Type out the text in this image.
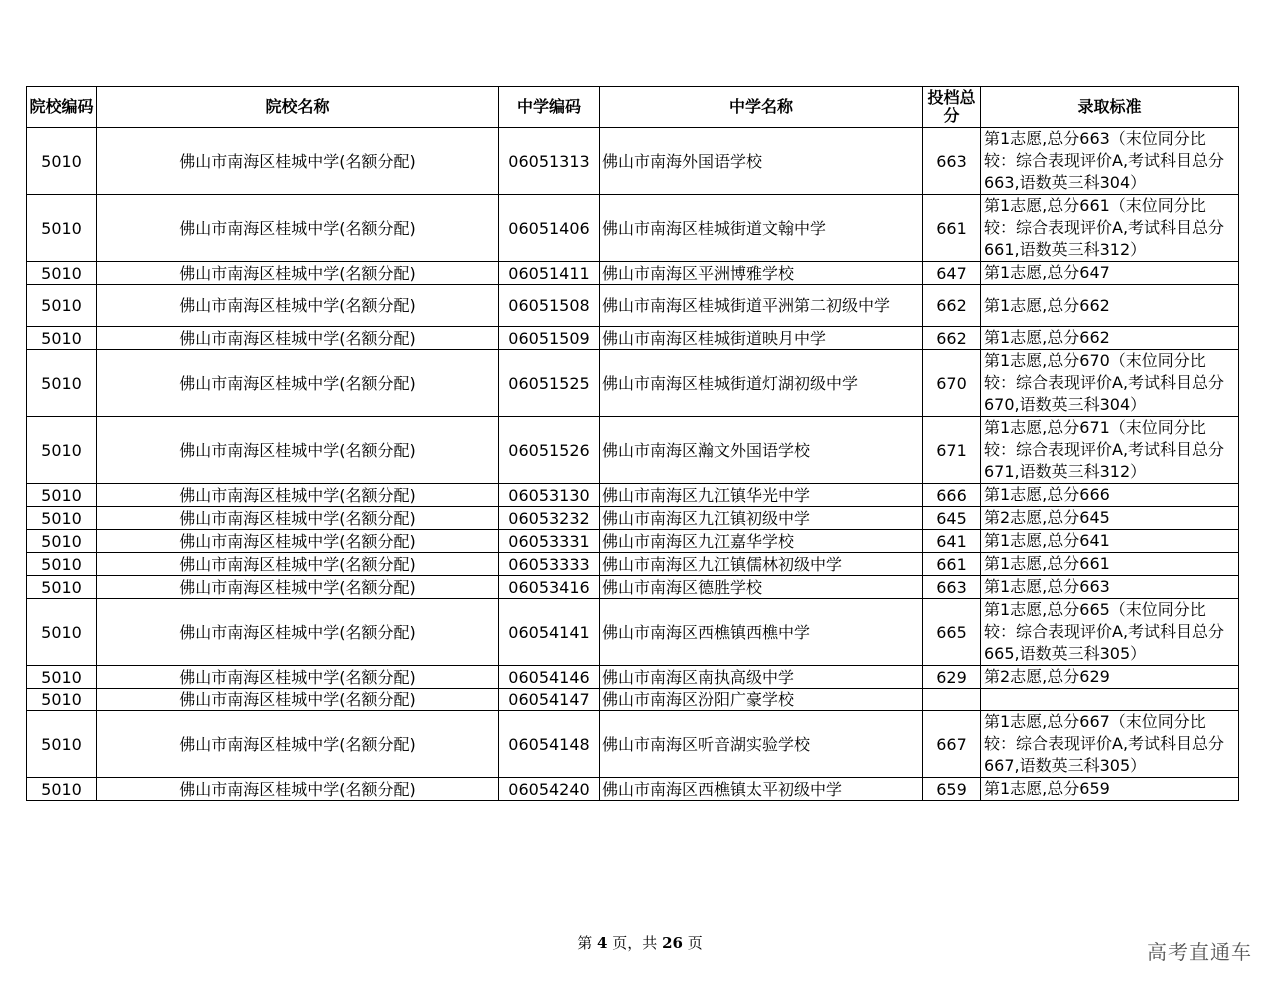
院校编码	院校名称	中学编码	中学名称	投档总分	录取标准
5010	佛山市南海区桂城中学(名额分配)	06051313	佛山市南海外国语学校	663	第1志愿,总分663（末位同分比较：综合表现评价A,考试科目总分663,语数英三科304）
5010	佛山市南海区桂城中学(名额分配)	06051406	佛山市南海区桂城街道文翰中学	661	第1志愿,总分661（末位同分比较：综合表现评价A,考试科目总分661,语数英三科312）
5010	佛山市南海区桂城中学(名额分配)	06051411	佛山市南海区平洲博雅学校	647	第1志愿,总分647
5010	佛山市南海区桂城中学(名额分配)	06051508	佛山市南海区桂城街道平洲第二初级中学	662	第1志愿,总分662
5010	佛山市南海区桂城中学(名额分配)	06051509	佛山市南海区桂城街道映月中学	662	第1志愿,总分662
5010	佛山市南海区桂城中学(名额分配)	06051525	佛山市南海区桂城街道灯湖初级中学	670	第1志愿,总分670（末位同分比较：综合表现评价A,考试科目总分670,语数英三科304）
5010	佛山市南海区桂城中学(名额分配)	06051526	佛山市南海区瀚文外国语学校	671	第1志愿,总分671（末位同分比较：综合表现评价A,考试科目总分671,语数英三科312）
5010	佛山市南海区桂城中学(名额分配)	06053130	佛山市南海区九江镇华光中学	666	第1志愿,总分666
5010	佛山市南海区桂城中学(名额分配)	06053232	佛山市南海区九江镇初级中学	645	第2志愿,总分645
5010	佛山市南海区桂城中学(名额分配)	06053331	佛山市南海区九江嘉华学校	641	第1志愿,总分641
5010	佛山市南海区桂城中学(名额分配)	06053333	佛山市南海区九江镇儒林初级中学	661	第1志愿,总分661
5010	佛山市南海区桂城中学(名额分配)	06053416	佛山市南海区德胜学校	663	第1志愿,总分663
5010	佛山市南海区桂城中学(名额分配)	06054141	佛山市南海区西樵镇西樵中学	665	第1志愿,总分665（末位同分比较：综合表现评价A,考试科目总分665,语数英三科305）
5010	佛山市南海区桂城中学(名额分配)	06054146	佛山市南海区南执高级中学	629	第2志愿,总分629
5010	佛山市南海区桂城中学(名额分配)	06054147	佛山市南海区汾阳广豪学校		
5010	佛山市南海区桂城中学(名额分配)	06054148	佛山市南海区听音湖实验学校	667	第1志愿,总分667（末位同分比较：综合表现评价A,考试科目总分667,语数英三科305）
5010	佛山市南海区桂城中学(名额分配)	06054240	佛山市南海区西樵镇太平初级中学	659	第1志愿,总分659
第 4 页，共 26 页	高考直通车
